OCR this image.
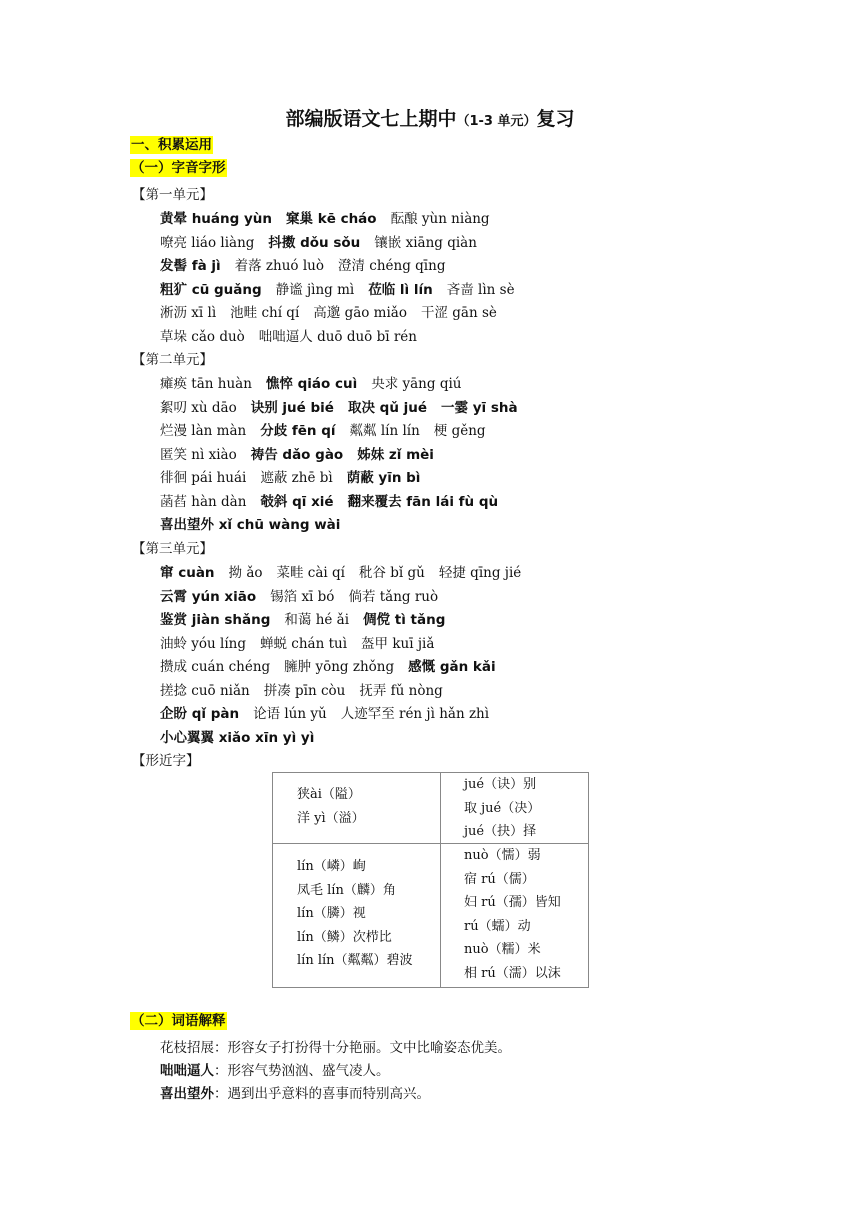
部编版语文七上期中（1-3 单元）复习
一、积累运用
（一）字音字形
【第一单元】
黄晕 huáng yùn 窠巢 kē cháo 酝酿 yùn niàng
嘹亮 liáo liàng 抖擞 dǒu sǒu 镶嵌 xiāng qiàn
发髻 fà jì 着落 zhuó luò 澄清 chéng qīng
粗犷 cū guǎng 静谧 jìng mì 莅临 lì lín 吝啬 lìn sè
淅沥 xī lì 池畦 chí qí 高邈 gāo miǎo 干涩 gān sè
草垛 cǎo duò 咄咄逼人 duō duō bī rén
【第二单元】
瘫痪 tān huàn 憔悴 qiáo cuì 央求 yāng qiú
絮叨 xù dāo 诀别 jué bié 取决 qǔ jué 一霎 yī shà
烂漫 làn màn 分歧 fēn qí 粼粼 lín lín 梗 gěng
匿笑 nì xiào 祷告 dǎo gào 姊妹 zǐ mèi
徘徊 pái huái 遮蔽 zhē bì 荫蔽 yīn bì
菡萏 hàn dàn 攲斜 qī xié 翻来覆去 fān lái fù qù
喜出望外 xǐ chū wàng wài
【第三单元】
窜 cuàn 拗 ǎo 菜畦 cài qí 秕谷 bǐ gǔ 轻捷 qīng jié
云霄 yún xiāo 锡箔 xī bó 倘若 tǎng ruò
鉴赏 jiàn shǎng 和蔼 hé ǎi 倜傥 tì tǎng
油蛉 yóu líng 蝉蜕 chán tuì 盔甲 kuī jiǎ
攒成 cuán chéng 臃肿 yōng zhǒng 感慨 gǎn kǎi
搓捻 cuō niǎn 拼凑 pīn còu 抚弄 fǔ nòng
企盼 qǐ pàn 论语 lún yǔ 人迹罕至 rén jì hǎn zhì
小心翼翼 xiǎo xīn yì yì
【形近字】
狭ài（隘）
洋 yì（溢）
jué（诀）别
取 jué（决）
jué（抉）择
lín（嶙）峋
凤毛 lín（麟）角
lín（膦）视
lín（鳞）次栉比
lín lín（粼粼）碧波
nuò（懦）弱
宿 rú（儒）
妇 rú（孺）皆知
rú（蠕）动
nuò（糯）米
相 rú（濡）以沫
（二）词语解释
花枝招展：形容女子打扮得十分艳丽。文中比喻姿态优美。
咄咄逼人：形容气势汹汹、盛气凌人。
喜出望外：遇到出乎意料的喜事而特别高兴。
